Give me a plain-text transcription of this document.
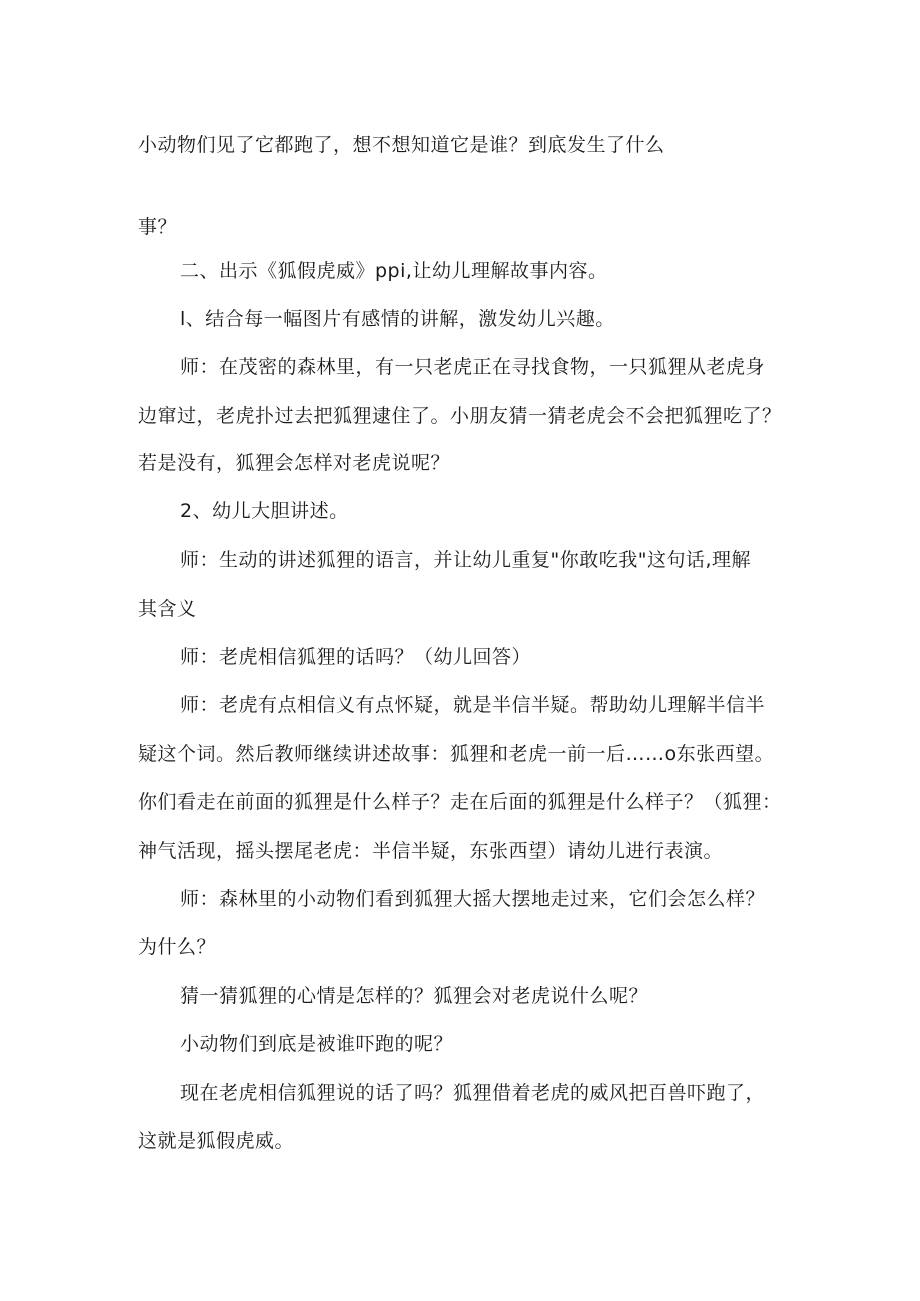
小动物们见了它都跑了，想不想知道它是谁？到底发生了什么
事？
二、出示《狐假虎威》ppi,让幼儿理解故事内容。
l、结合每一幅图片有感情的讲解，激发幼儿兴趣。
师：在茂密的森林里，有一只老虎正在寻找食物，一只狐狸从老虎身
边窜过，老虎扑过去把狐狸逮住了。小朋友猜一猜老虎会不会把狐狸吃了？
若是没有，狐狸会怎样对老虎说呢？
2、幼儿大胆讲述。
师：生动的讲述狐狸的语言，并让幼儿重复"你敢吃我"这句话,理解
其含义
师：老虎相信狐狸的话吗？（幼儿回答）
师：老虎有点相信义有点怀疑，就是半信半疑。帮助幼儿理解半信半
疑这个词。然后教师继续讲述故事：狐狸和老虎一前一后……o东张西望。
你们看走在前面的狐狸是什么样子？走在后面的狐狸是什么样子？（狐狸：
神气活现，摇头摆尾老虎：半信半疑，东张西望）请幼儿进行表演。
师：森林里的小动物们看到狐狸大摇大摆地走过来，它们会怎么样？
为什么？
猜一猜狐狸的心情是怎样的？狐狸会对老虎说什么呢？
小动物们到底是被谁吓跑的呢？
现在老虎相信狐狸说的话了吗？狐狸借着老虎的威风把百兽吓跑了，
这就是狐假虎威。
